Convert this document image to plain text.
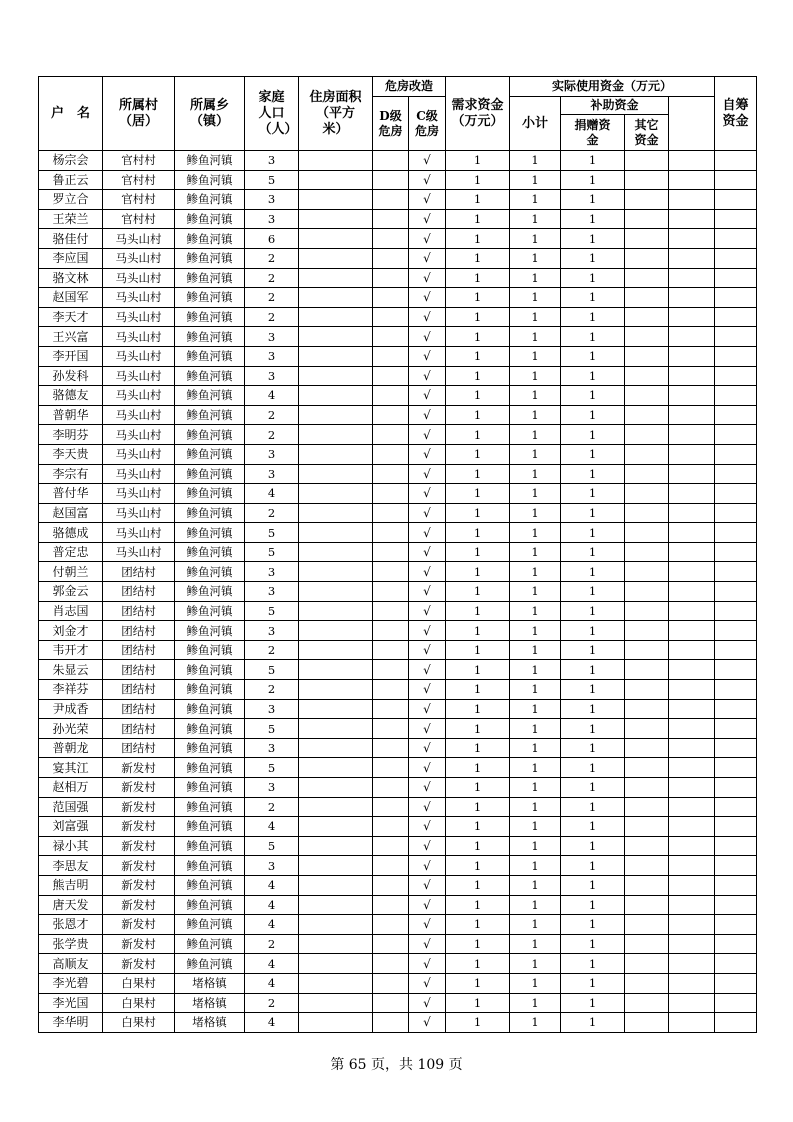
户　名	所属村（居）	所属乡（镇）	家庭人口（人）	住房面积（平方米）	危房改造		需求资金（万元）	实际使用资金（万元）				自筹资金	
					D级危房	C级危房		小计	补助资金				
									捐赠资金	其它资金			
杨宗会	官村村	鲹鱼河镇	3			√	1	1	1				
鲁正云	官村村	鲹鱼河镇	5			√	1	1	1				
罗立合	官村村	鲹鱼河镇	3			√	1	1	1				
王荣兰	官村村	鲹鱼河镇	3			√	1	1	1				
骆佳付	马头山村	鲹鱼河镇	6			√	1	1	1				
李应国	马头山村	鲹鱼河镇	2			√	1	1	1				
骆文林	马头山村	鲹鱼河镇	2			√	1	1	1				
赵国军	马头山村	鲹鱼河镇	2			√	1	1	1				
李天才	马头山村	鲹鱼河镇	2			√	1	1	1				
王兴富	马头山村	鲹鱼河镇	3			√	1	1	1				
李开国	马头山村	鲹鱼河镇	3			√	1	1	1				
孙发科	马头山村	鲹鱼河镇	3			√	1	1	1				
骆德友	马头山村	鲹鱼河镇	4			√	1	1	1				
普朝华	马头山村	鲹鱼河镇	2			√	1	1	1				
李明芬	马头山村	鲹鱼河镇	2			√	1	1	1				
李天贵	马头山村	鲹鱼河镇	3			√	1	1	1				
李宗有	马头山村	鲹鱼河镇	3			√	1	1	1				
普付华	马头山村	鲹鱼河镇	4			√	1	1	1				
赵国富	马头山村	鲹鱼河镇	2			√	1	1	1				
骆德成	马头山村	鲹鱼河镇	5			√	1	1	1				
普定忠	马头山村	鲹鱼河镇	5			√	1	1	1				
付朝兰	团结村	鲹鱼河镇	3			√	1	1	1				
郭金云	团结村	鲹鱼河镇	3			√	1	1	1				
肖志国	团结村	鲹鱼河镇	5			√	1	1	1				
刘金才	团结村	鲹鱼河镇	3			√	1	1	1				
韦开才	团结村	鲹鱼河镇	2			√	1	1	1				
朱显云	团结村	鲹鱼河镇	5			√	1	1	1				
李祥芬	团结村	鲹鱼河镇	2			√	1	1	1				
尹成香	团结村	鲹鱼河镇	3			√	1	1	1				
孙光荣	团结村	鲹鱼河镇	5			√	1	1	1				
普朝龙	团结村	鲹鱼河镇	3			√	1	1	1				
宴其江	新发村	鲹鱼河镇	5			√	1	1	1				
赵相万	新发村	鲹鱼河镇	3			√	1	1	1				
范国强	新发村	鲹鱼河镇	2			√	1	1	1				
刘富强	新发村	鲹鱼河镇	4			√	1	1	1				
禄小其	新发村	鲹鱼河镇	5			√	1	1	1				
李思友	新发村	鲹鱼河镇	3			√	1	1	1				
熊吉明	新发村	鲹鱼河镇	4			√	1	1	1				
唐天发	新发村	鲹鱼河镇	4			√	1	1	1				
张恩才	新发村	鲹鱼河镇	4			√	1	1	1				
张学贵	新发村	鲹鱼河镇	2			√	1	1	1				
高顺友	新发村	鲹鱼河镇	4			√	1	1	1				
李光碧	白果村	堵格镇	4			√	1	1	1				
李光国	白果村	堵格镇	2			√	1	1	1				
李华明	白果村	堵格镇	4			√	1	1	1				
第 65 页，共 109 页
